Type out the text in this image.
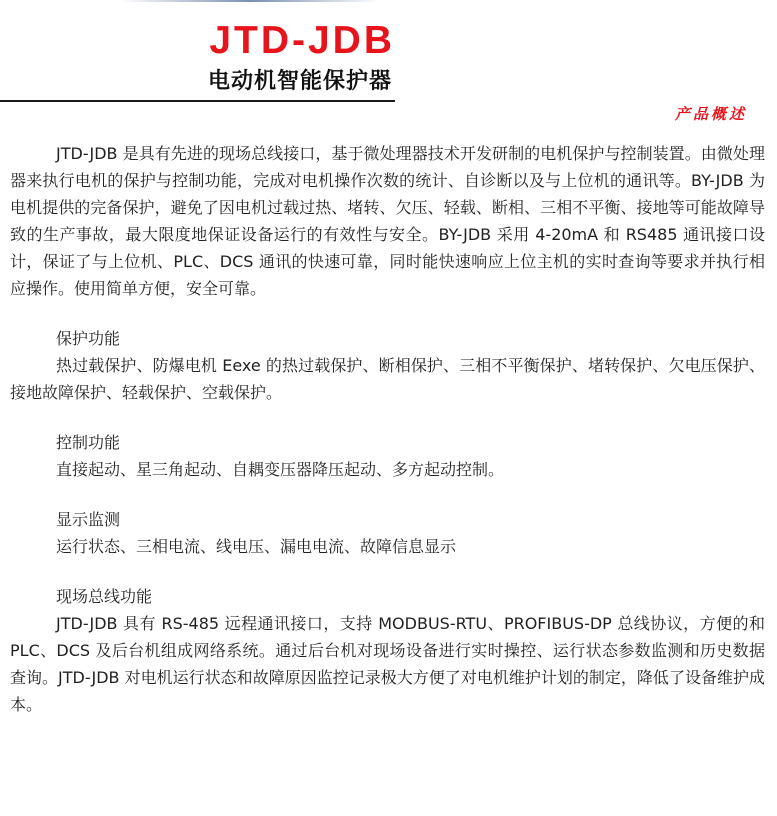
JTD-JDB
电动机智能保护器
产品概述

JTD-JDB 是具有先进的现场总线接口，基于微处理器技术开发研制的电机保护与控制装置。由微处理器来执行电机的保护与控制功能，完成对电机操作次数的统计、自诊断以及与上位机的通讯等。BY-JDB 为电机提供的完备保护，避免了因电机过载过热、堵转、欠压、轻载、断相、三相不平衡、接地等可能故障导致的生产事故，最大限度地保证设备运行的有效性与安全。BY-JDB 采用 4-20mA 和 RS485 通讯接口设计，保证了与上位机、PLC、DCS 通讯的快速可靠，同时能快速响应上位主机的实时查询等要求并执行相应操作。使用简单方便，安全可靠。

保护功能

热过载保护、防爆电机 Eexe 的热过载保护、断相保护、三相不平衡保护、堵转保护、欠电压保护、接地故障保护、轻载保护、空载保护。

控制功能

直接起动、星三角起动、自耦变压器降压起动、多方起动控制。

显示监测

运行状态、三相电流、线电压、漏电电流、故障信息显示

现场总线功能

JTD-JDB 具有 RS-485 远程通讯接口，支持 MODBUS-RTU、PROFIBUS-DP 总线协议，方便的和 PLC、DCS 及后台机组成网络系统。通过后台机对现场设备进行实时操控、运行状态参数监测和历史数据查询。JTD-JDB 对电机运行状态和故障原因监控记录极大方便了对电机维护计划的制定，降低了设备维护成本。
